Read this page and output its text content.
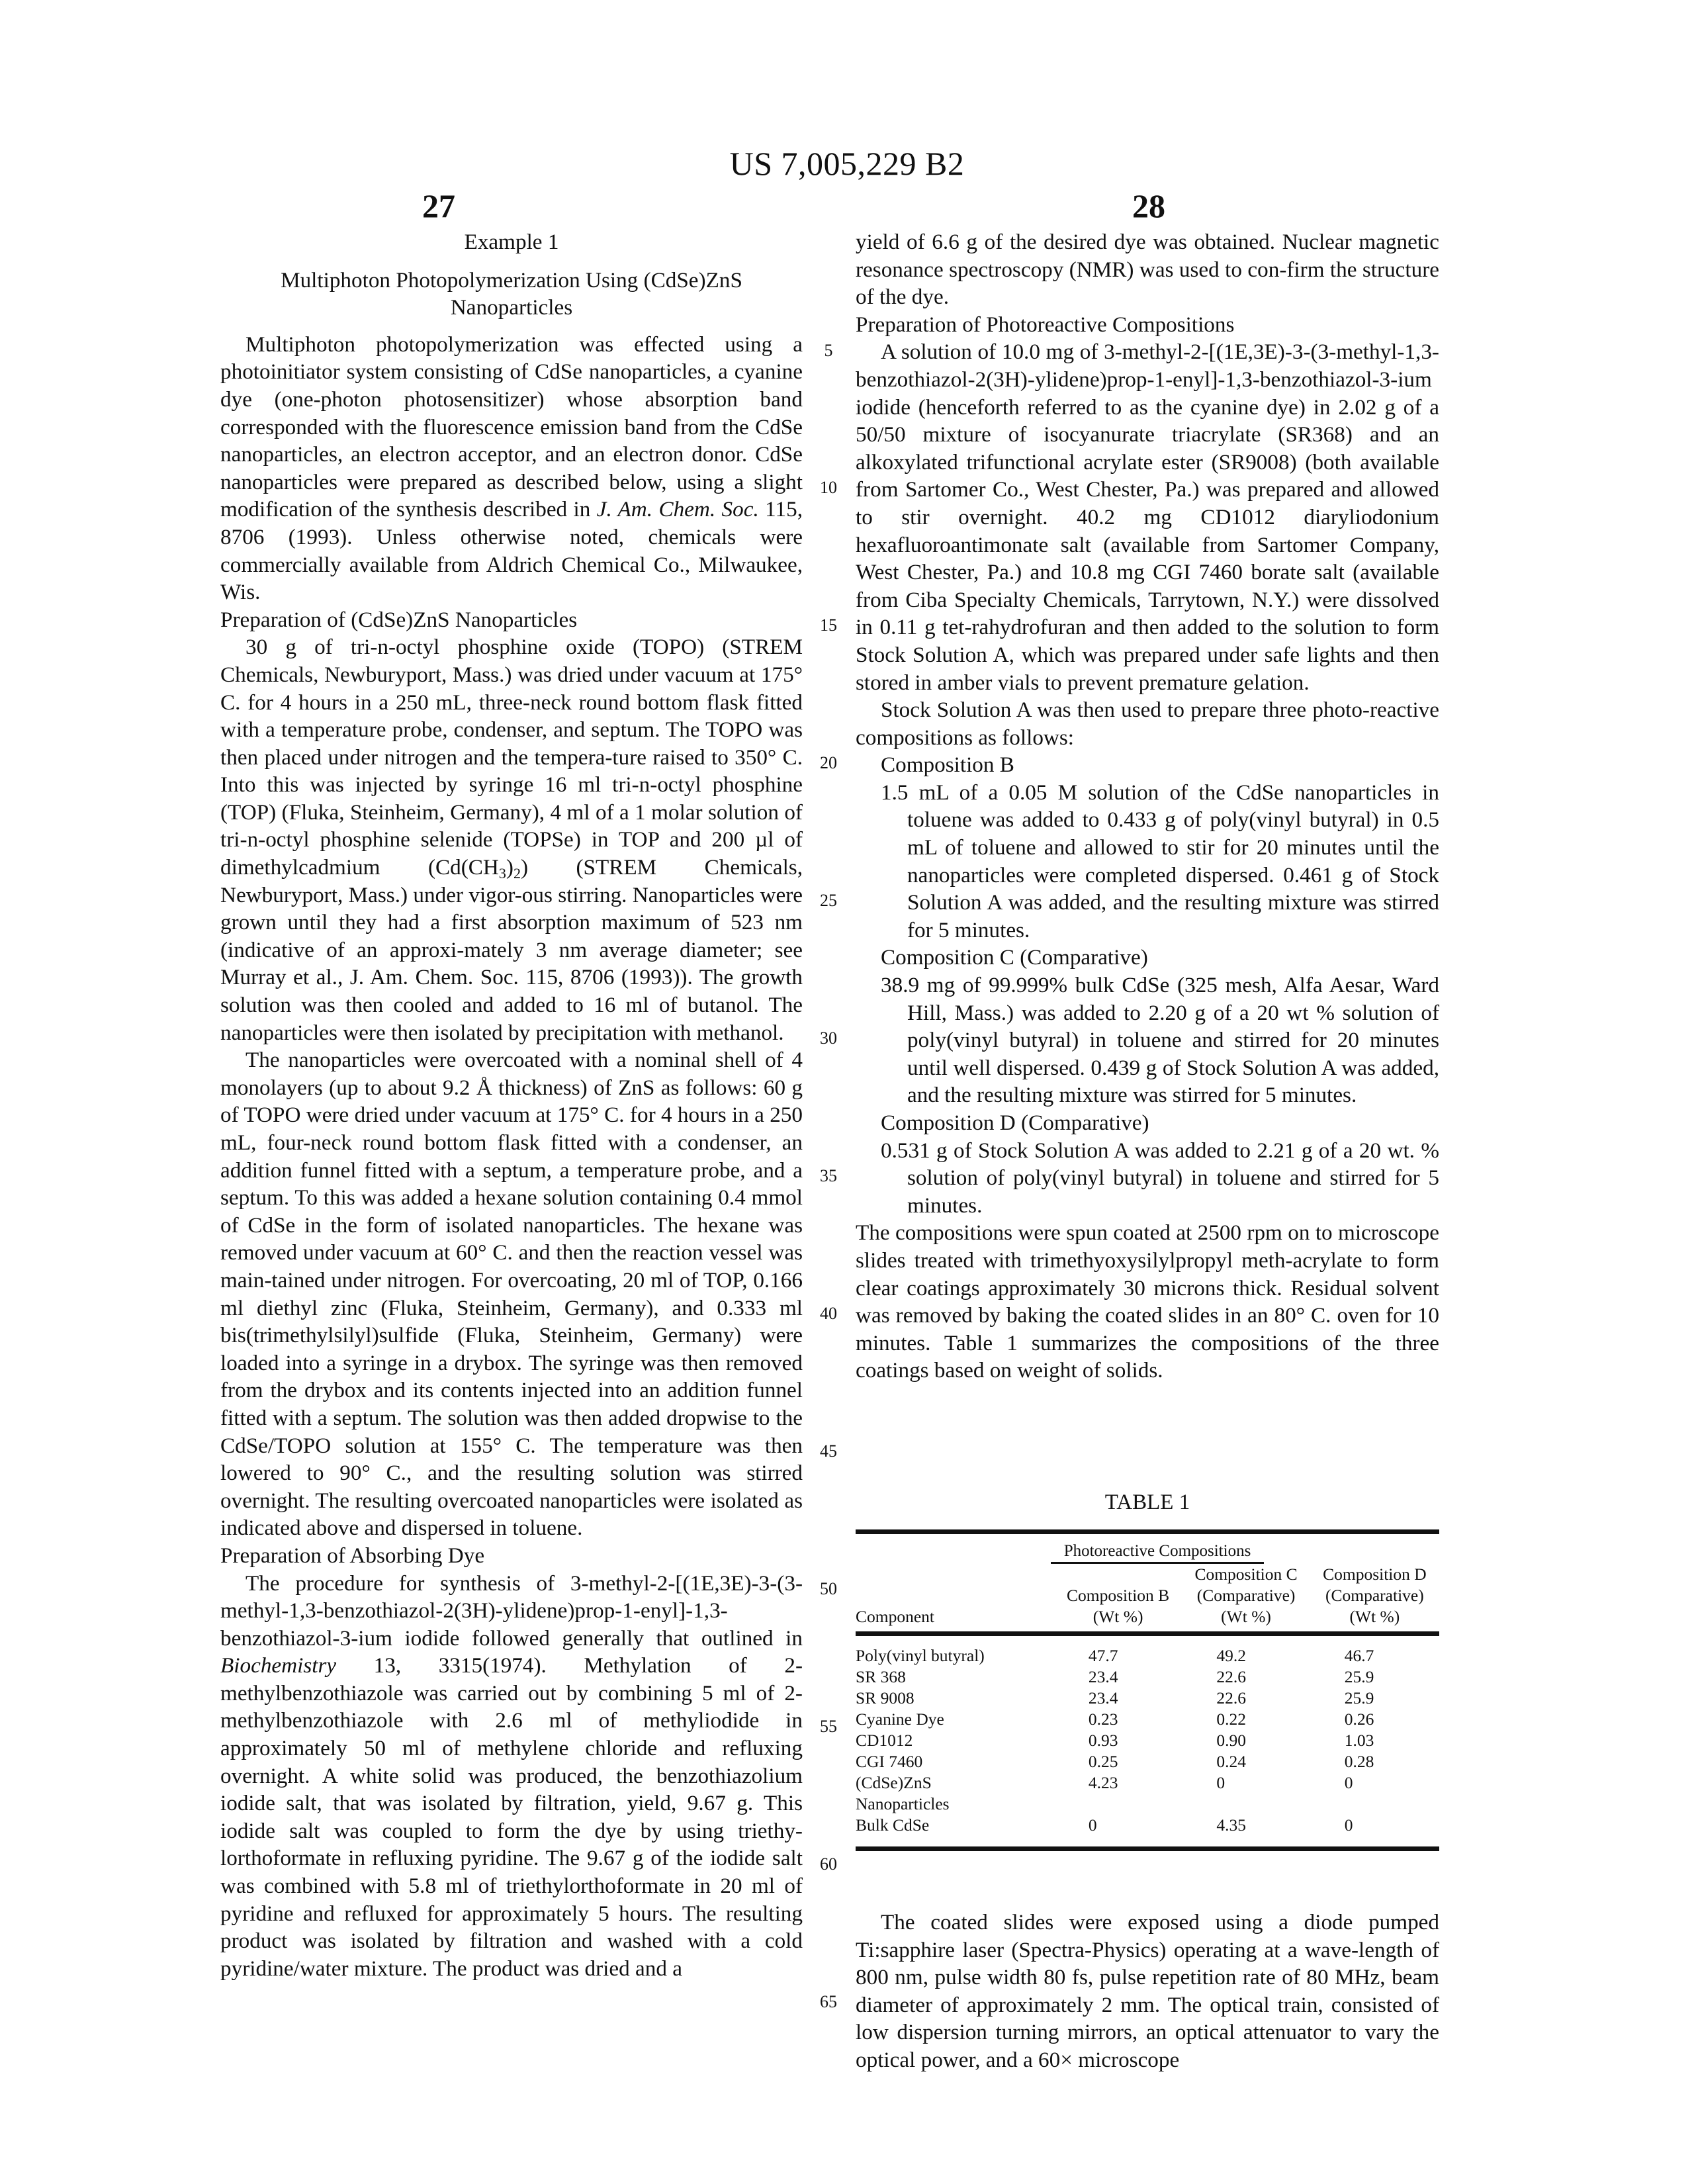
US 7,005,229 B2
27	28
Example 1
Multiphoton Photopolymerization Using (CdSe)ZnS
Nanoparticles

Multiphoton photopolymerization was effected using a photoinitiator system consisting of CdSe nanoparticles, a cyanine dye (one-photon photosensitizer) whose absorption band corresponded with the fluorescence emission band from the CdSe nanoparticles, an electron acceptor, and an electron donor. CdSe nanoparticles were prepared as described below, using a slight modification of the synthesis described in J. Am. Chem. Soc. 115, 8706 (1993). Unless otherwise noted, chemicals were commercially available from Aldrich Chemical Co., Milwaukee, Wis.

Preparation of (CdSe)ZnS Nanoparticles

30 g of tri-n-octyl phosphine oxide (TOPO) (STREM Chemicals, Newburyport, Mass.) was dried under vacuum at 175° C. for 4 hours in a 250 mL, three-neck round bottom flask fitted with a temperature probe, condenser, and septum. The TOPO was then placed under nitrogen and the tempera-ture raised to 350° C. Into this was injected by syringe 16 ml tri-n-octyl phosphine (TOP) (Fluka, Steinheim, Germany), 4 ml of a 1 molar solution of tri-n-octyl phosphine selenide (TOPSe) in TOP and 200 µl of dimethylcadmium (Cd(CH3)2) (STREM Chemicals, Newburyport, Mass.) under vigor-ous stirring. Nanoparticles were grown until they had a first absorption maximum of 523 nm (indicative of an approxi-mately 3 nm average diameter; see Murray et al., J. Am. Chem. Soc. 115, 8706 (1993)). The growth solution was then cooled and added to 16 ml of butanol. The nanoparticles were then isolated by precipitation with methanol.

The nanoparticles were overcoated with a nominal shell of 4 monolayers (up to about 9.2 Å thickness) of ZnS as follows: 60 g of TOPO were dried under vacuum at 175° C. for 4 hours in a 250 mL, four-neck round bottom flask fitted with a condenser, an addition funnel fitted with a septum, a temperature probe, and a septum. To this was added a hexane solution containing 0.4 mmol of CdSe in the form of isolated nanoparticles. The hexane was removed under vacuum at 60° C. and then the reaction vessel was main-tained under nitrogen. For overcoating, 20 ml of TOP, 0.166 ml diethyl zinc (Fluka, Steinheim, Germany), and 0.333 ml bis(trimethylsilyl)sulfide (Fluka, Steinheim, Germany) were loaded into a syringe in a drybox. The syringe was then removed from the drybox and its contents injected into an addition funnel fitted with a septum. The solution was then added dropwise to the CdSe/TOPO solution at 155° C. The temperature was then lowered to 90° C., and the resulting solution was stirred overnight. The resulting overcoated nanoparticles were isolated as indicated above and dispersed in toluene.

Preparation of Absorbing Dye

The procedure for synthesis of 3-methyl-2-[(1E,3E)-3-(3-methyl-1,3-benzothiazol-2(3H)-ylidene)prop-1-enyl]-1,3-benzothiazol-3-ium iodide followed generally that outlined in Biochemistry 13, 3315(1974). Methylation of 2-methylbenzothiazole was carried out by combining 5 ml of 2-methylbenzothiazole with 2.6 ml of methyliodide in approximately 50 ml of methylene chloride and refluxing overnight. A white solid was produced, the benzothiazolium iodide salt, that was isolated by filtration, yield, 9.67 g. This iodide salt was coupled to form the dye by using triethy-lorthoformate in refluxing pyridine. The 9.67 g of the iodide salt was combined with 5.8 ml of triethylorthoformate in 20 ml of pyridine and refluxed for approximately 5 hours. The resulting product was isolated by filtration and washed with a cold pyridine/water mixture. The product was dried and a

5
10
15
20
25
30
35
40
45
50
55
60
65

yield of 6.6 g of the desired dye was obtained. Nuclear magnetic resonance spectroscopy (NMR) was used to con-firm the structure of the dye.

Preparation of Photoreactive Compositions

A solution of 10.0 mg of 3-methyl-2-[(1E,3E)-3-(3-methyl-1,3-benzothiazol-2(3H)-ylidene)prop-1-enyl]-1,3-benzothiazol-3-ium iodide (henceforth referred to as the cyanine dye) in 2.02 g of a 50/50 mixture of isocyanurate triacrylate (SR368) and an alkoxylated trifunctional acrylate ester (SR9008) (both available from Sartomer Co., West Chester, Pa.) was prepared and allowed to stir overnight. 40.2 mg CD1012 diaryliodonium hexafluoroantimonate salt (available from Sartomer Company, West Chester, Pa.) and 10.8 mg CGI 7460 borate salt (available from Ciba Specialty Chemicals, Tarrytown, N.Y.) were dissolved in 0.11 g tet-rahydrofuran and then added to the solution to form Stock Solution A, which was prepared under safe lights and then stored in amber vials to prevent premature gelation.

Stock Solution A was then used to prepare three photo-reactive compositions as follows:

Composition B

1.5 mL of a 0.05 M solution of the CdSe nanoparticles in toluene was added to 0.433 g of poly(vinyl butyral) in 0.5 mL of toluene and allowed to stir for 20 minutes until the nanoparticles were completed dispersed. 0.461 g of Stock Solution A was added, and the resulting mixture was stirred for 5 minutes.

Composition C (Comparative)

38.9 mg of 99.999% bulk CdSe (325 mesh, Alfa Aesar, Ward Hill, Mass.) was added to 2.20 g of a 20 wt % solution of poly(vinyl butyral) in toluene and stirred for 20 minutes until well dispersed. 0.439 g of Stock Solution A was added, and the resulting mixture was stirred for 5 minutes.

Composition D (Comparative)

0.531 g of Stock Solution A was added to 2.21 g of a 20 wt. % solution of poly(vinyl butyral) in toluene and stirred for 5 minutes.

The compositions were spun coated at 2500 rpm on to microscope slides treated with trimethyoxysilylpropyl meth-acrylate to form clear coatings approximately 30 microns thick. Residual solvent was removed by baking the coated slides in an 80° C. oven for 10 minutes. Table 1 summarizes the compositions of the three coatings based on weight of solids.

TABLE 1
Photoreactive Compositions
Component

Composition B
(Wt %)

Composition C
(Comparative)
(Wt %)

Composition D
(Comparative)
(Wt %)

Poly(vinyl butyral)	47.7	49.2	46.7
SR 368	23.4	22.6	25.9
SR 9008	23.4	22.6	25.9
Cyanine Dye	0.23	0.22	0.26
CD1012	0.93	0.90	1.03
CGI 7460	0.25	0.24	0.28
(CdSe)ZnS	4.23	0	0
Nanoparticles			
Bulk CdSe	0	4.35	0

The coated slides were exposed using a diode pumped Ti:sapphire laser (Spectra-Physics) operating at a wave-length of 800 nm, pulse width 80 fs, pulse repetition rate of 80 MHz, beam diameter of approximately 2 mm. The optical train, consisted of low dispersion turning mirrors, an optical attenuator to vary the optical power, and a 60× microscope
